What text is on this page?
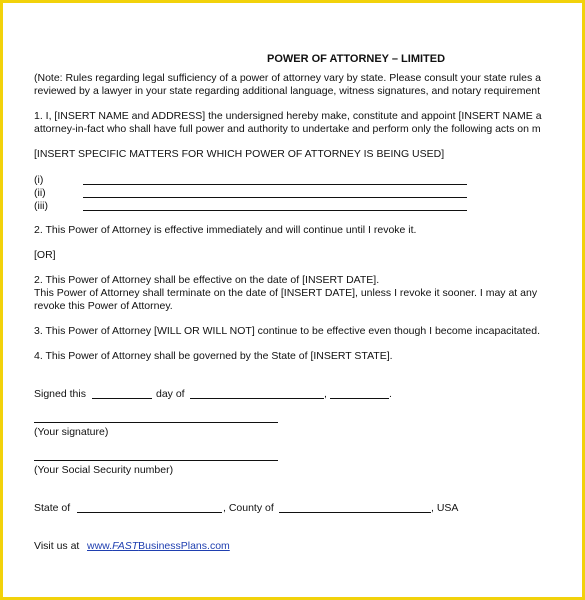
POWER OF ATTORNEY – LIMITED
(Note: Rules regarding legal sufficiency of a power of attorney vary by state. Please consult your state rules a
reviewed by a lawyer in your state regarding additional language, witness signatures, and notary requirement
1. I, [INSERT NAME and ADDRESS] the undersigned hereby make, constitute and appoint [INSERT NAME a
attorney-in-fact who shall have full power and authority to undertake and perform only the following acts on m
[INSERT SPECIFIC MATTERS FOR WHICH POWER OF ATTORNEY IS BEING USED]
(i)
(ii)
(iii)
2. This Power of Attorney is effective immediately and will continue until I revoke it.
[OR]
2. This Power of Attorney shall be effective on the date of [INSERT DATE].
This Power of Attorney shall terminate on the date of [INSERT DATE], unless I revoke it sooner. I may at any
revoke this Power of Attorney.
3. This Power of Attorney [WILL OR WILL NOT] continue to be effective even though I become incapacitated.
4. This Power of Attorney shall be governed by the State of [INSERT STATE].
Signed this	day of	,	.
(Your signature)
(Your Social Security number)
State of	, County of	, USA
Visit us at www.FASTBusinessPlans.com
